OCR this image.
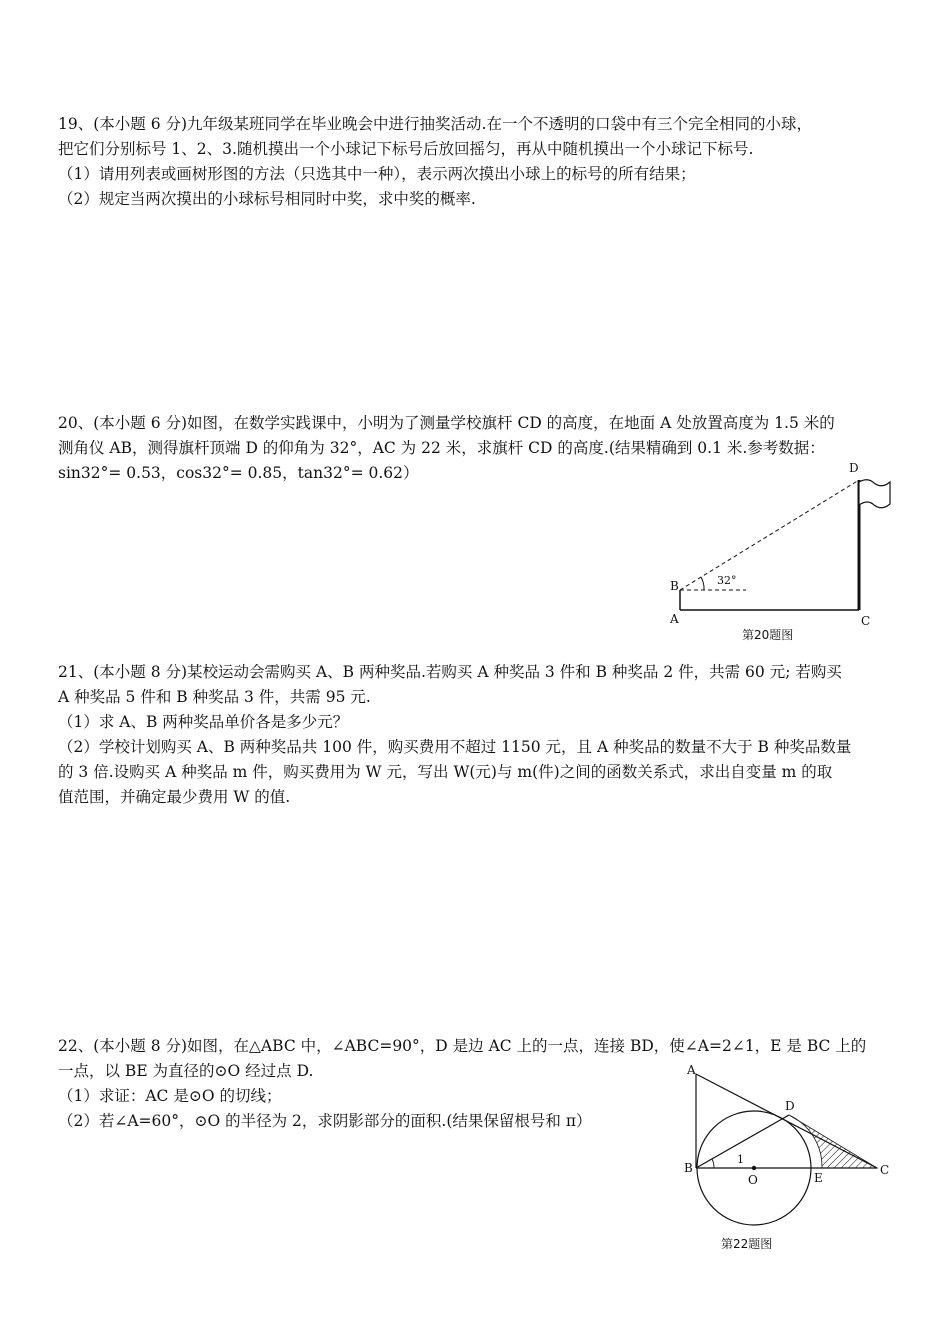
19、(本小题 6 分)九年级某班同学在毕业晚会中进行抽奖活动.在一个不透明的口袋中有三个完全相同的小球，
把它们分别标号 1、2、3.随机摸出一个小球记下标号后放回摇匀，再从中随机摸出一个小球记下标号.
（1）请用列表或画树形图的方法（只选其中一种），表示两次摸出小球上的标号的所有结果；
（2）规定当两次摸出的小球标号相同时中奖，求中奖的概率.
20、(本小题 6 分)如图，在数学实践课中，小明为了测量学校旗杆 CD 的高度，在地面 A 处放置高度为 1.5 米的
测角仪 AB，测得旗杆顶端 D 的仰角为 32°，AC 为 22 米，求旗杆 CD 的高度.(结果精确到 0.1 米.参考数据：
sin32°= 0.53，cos32°= 0.85，tan32°= 0.62）
32°
B
A	C
D
第20题图
21、(本小题 8 分)某校运动会需购买 A、B 两种奖品.若购买 A 种奖品 3 件和 B 种奖品 2 件，共需 60 元; 若购买
A 种奖品 5 件和 B 种奖品 3 件，共需 95 元.
（1）求 A、B 两种奖品单价各是多少元？
（2）学校计划购买 A、B 两种奖品共 100 件，购买费用不超过 1150 元，且 A 种奖品的数量不大于 B 种奖品数量
的 3 倍.设购买 A 种奖品 m 件，购买费用为 W 元，写出 W(元)与 m(件)之间的函数关系式，求出自变量 m 的取
值范围，并确定最少费用 W 的值.
22、(本小题 8 分)如图，在△ABC 中，∠ABC=90°，D 是边 AC 上的一点，连接 BD，使∠A=2∠1，E 是 BC 上的
一点，以 BE 为直径的⊙O 经过点 D.
（1）求证：AC 是⊙O 的切线；
（2）若∠A=60°，⊙O 的半径为 2，求阴影部分的面积.(结果保留根号和 π）
A
B	C
D
E
O
1
第22题图
